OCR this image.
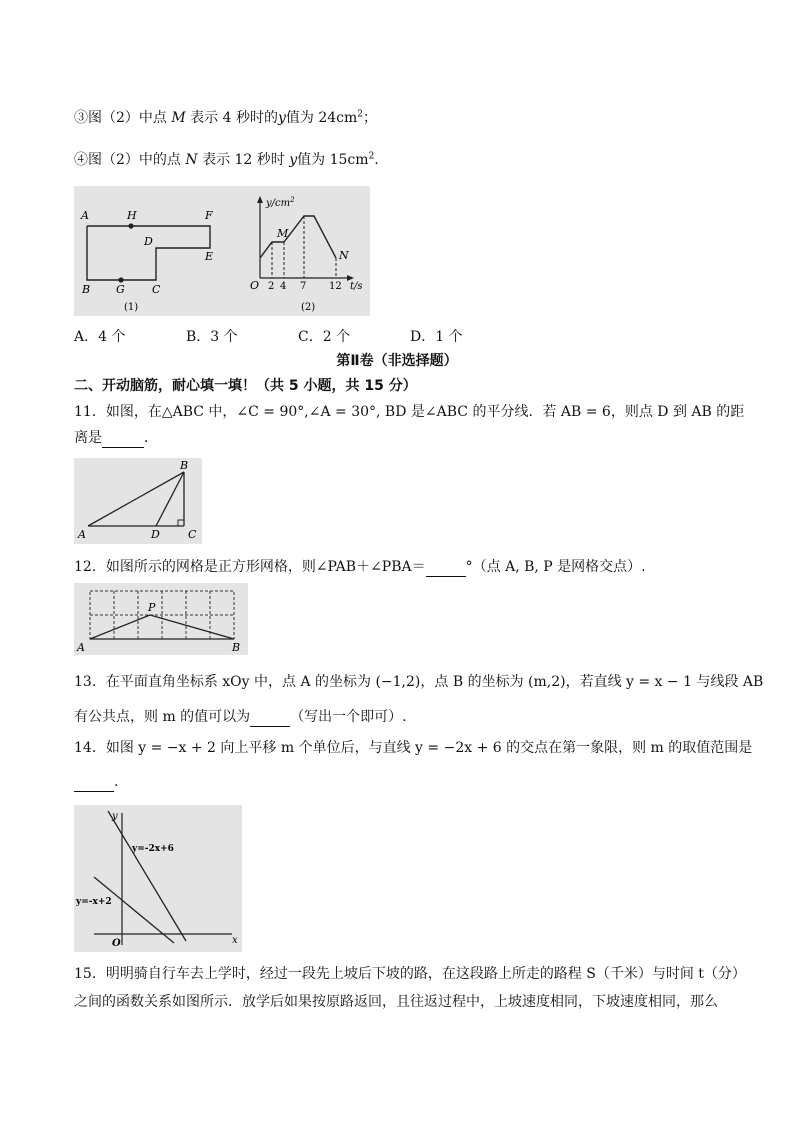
③图（2）中点 M 表示 4 秒时的y值为 $24cm^2$；
④图（2）中的点 N 表示 12 秒时 y值为 $15cm^2$.
A	H	F
D
E
B G C
(1)
$y/cm^2$
O 2 4 7 12 t/s
M
N
(2)
A．4 个	B．3 个	C．2 个	D．1 个
第Ⅱ卷（非选择题）
二、开动脑筋，耐心填一填！（共 5 小题，共 15 分）
11．如图，在△ABC 中，∠C = 90°,∠A = 30°, BD 是∠ABC 的平分线．若 AB = 6，则点 D 到 AB 的距
离是	．
A
B
C
D
12．如图所示的网格是正方形网格，则∠PAB＋∠PBA＝	°（点 A, B, P 是网格交点）.
A	B
P
13．在平面直角坐标系 xOy 中，点 A 的坐标为 (−1,2)，点 B 的坐标为 (m,2)，若直线 y = x − 1 与线段 AB
有公共点，则 m 的值可以为	（写出一个即可）.
14．如图 y = −x + 2 向上平移 m 个单位后，与直线 y = −2x + 6 的交点在第一象限，则 m 的取值范围是
.
y=-2x+6
y=-x+2
x
y
O
15．明明骑自行车去上学时，经过一段先上坡后下坡的路，在这段路上所走的路程 S（千米）与时间 t（分）
之间的函数关系如图所示．放学后如果按原路返回，且往返过程中，上坡速度相同，下坡速度相同，那么
